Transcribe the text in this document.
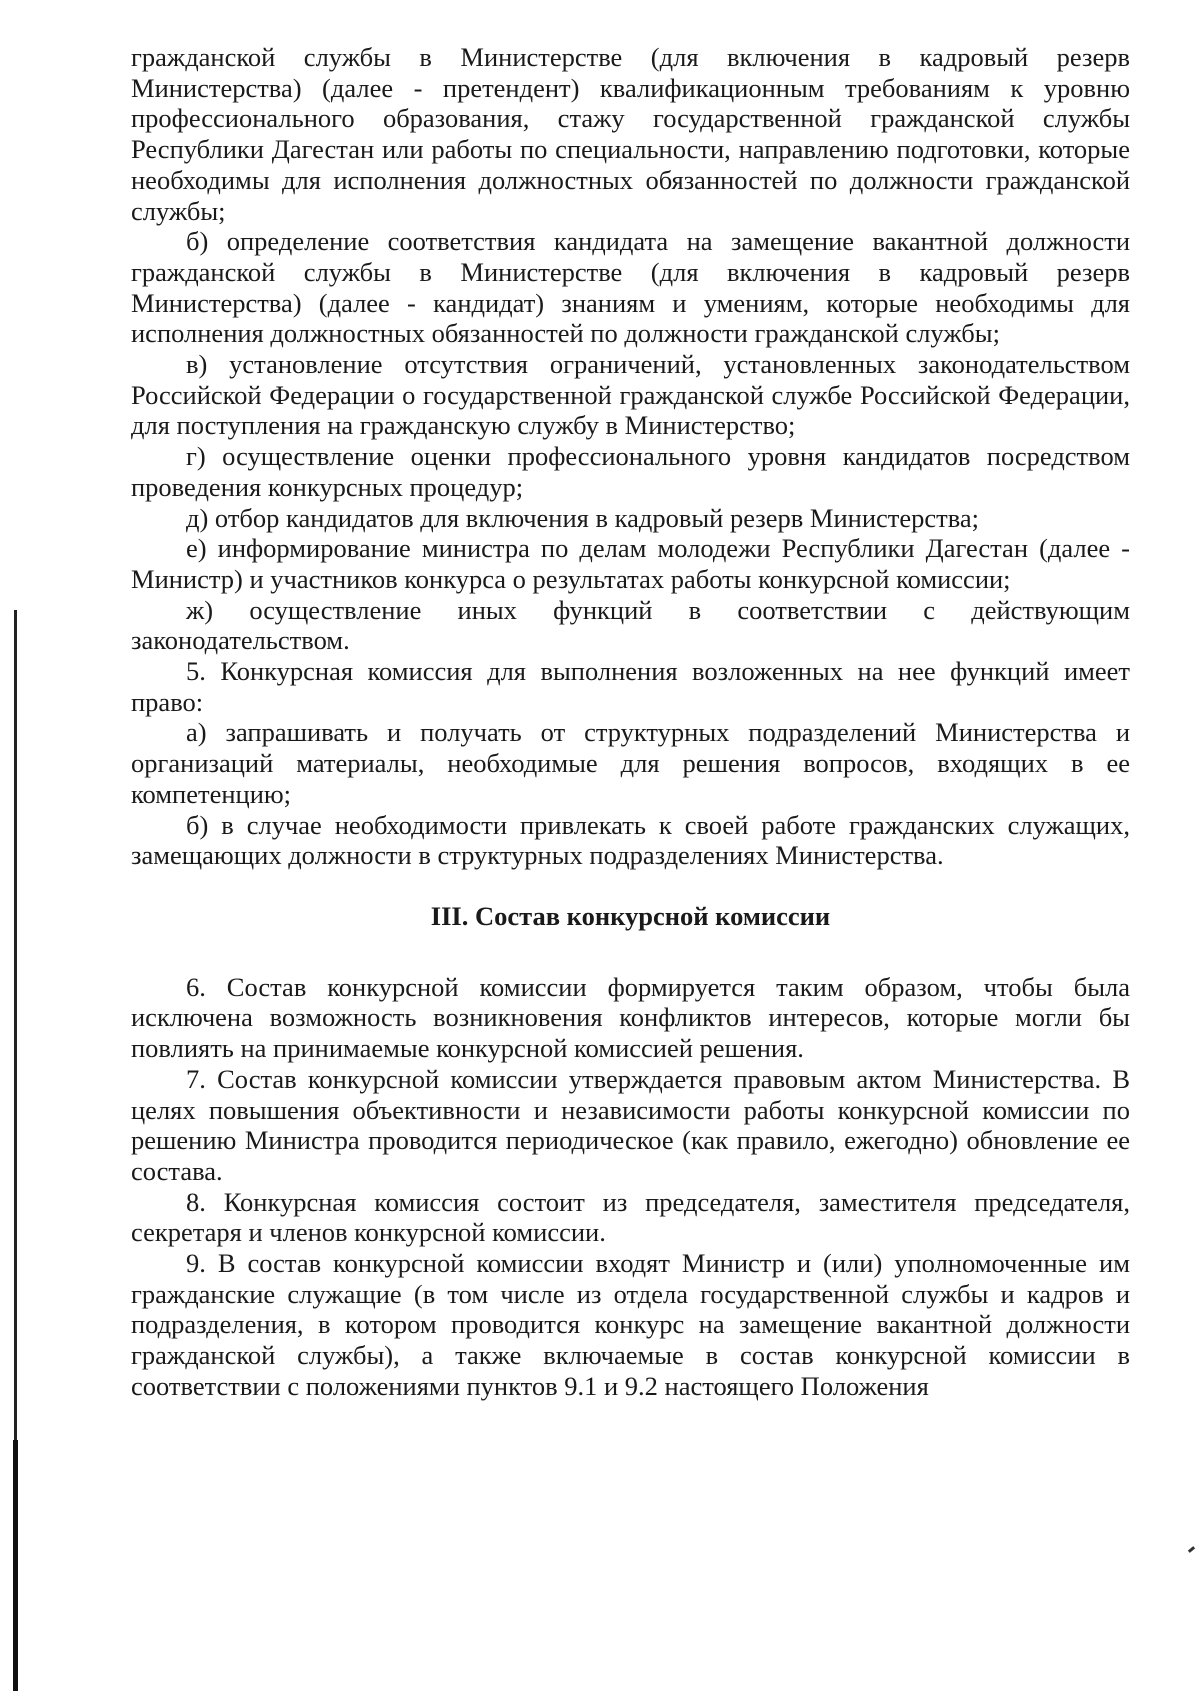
гражданской службы в Министерстве (для включения в кадровый резерв Министерства) (далее - претендент) квалификационным требованиям к уровню профессионального образования, стажу государственной гражданской службы Республики Дагестан или работы по специальности, направлению подготовки, которые необходимы для исполнения должностных обязанностей по должности гражданской службы;

б) определение соответствия кандидата на замещение вакантной должности гражданской службы в Министерстве (для включения в кадровый резерв Министерства) (далее - кандидат) знаниям и умениям, которые необходимы для исполнения должностных обязанностей по должности гражданской службы;

в) установление отсутствия ограничений, установленных законодательством Российской Федерации о государственной гражданской службе Российской Федерации, для поступления на гражданскую службу в Министерство;

г) осуществление оценки профессионального уровня кандидатов посредством проведения конкурсных процедур;

д) отбор кандидатов для включения в кадровый резерв Министерства;

е) информирование министра по делам молодежи Республики Дагестан (далее - Министр) и участников конкурса о результатах работы конкурсной комиссии;

ж) осуществление иных функций в соответствии с действующим законодательством.

5. Конкурсная комиссия для выполнения возложенных на нее функций имеет право:

а) запрашивать и получать от структурных подразделений Министерства и организаций материалы, необходимые для решения вопросов, входящих в ее компетенцию;

б) в случае необходимости привлекать к своей работе гражданских служащих, замещающих должности в структурных подразделениях Министерства.

III. Состав конкурсной комиссии

6. Состав конкурсной комиссии формируется таким образом, чтобы была исключена возможность возникновения конфликтов интересов, которые могли бы повлиять на принимаемые конкурсной комиссией решения.

7. Состав конкурсной комиссии утверждается правовым актом Министерства. В целях повышения объективности и независимости работы конкурсной комиссии по решению Министра проводится периодическое (как правило, ежегодно) обновление ее состава.

8. Конкурсная комиссия состоит из председателя, заместителя председателя, секретаря и членов конкурсной комиссии.

9. В состав конкурсной комиссии входят Министр и (или) уполномоченные им гражданские служащие (в том числе из отдела государственной службы и кадров и подразделения, в котором проводится конкурс на замещение вакантной должности гражданской службы), а также включаемые в состав конкурсной комиссии в соответствии с положениями пунктов 9.1 и 9.2 настоящего Положения
